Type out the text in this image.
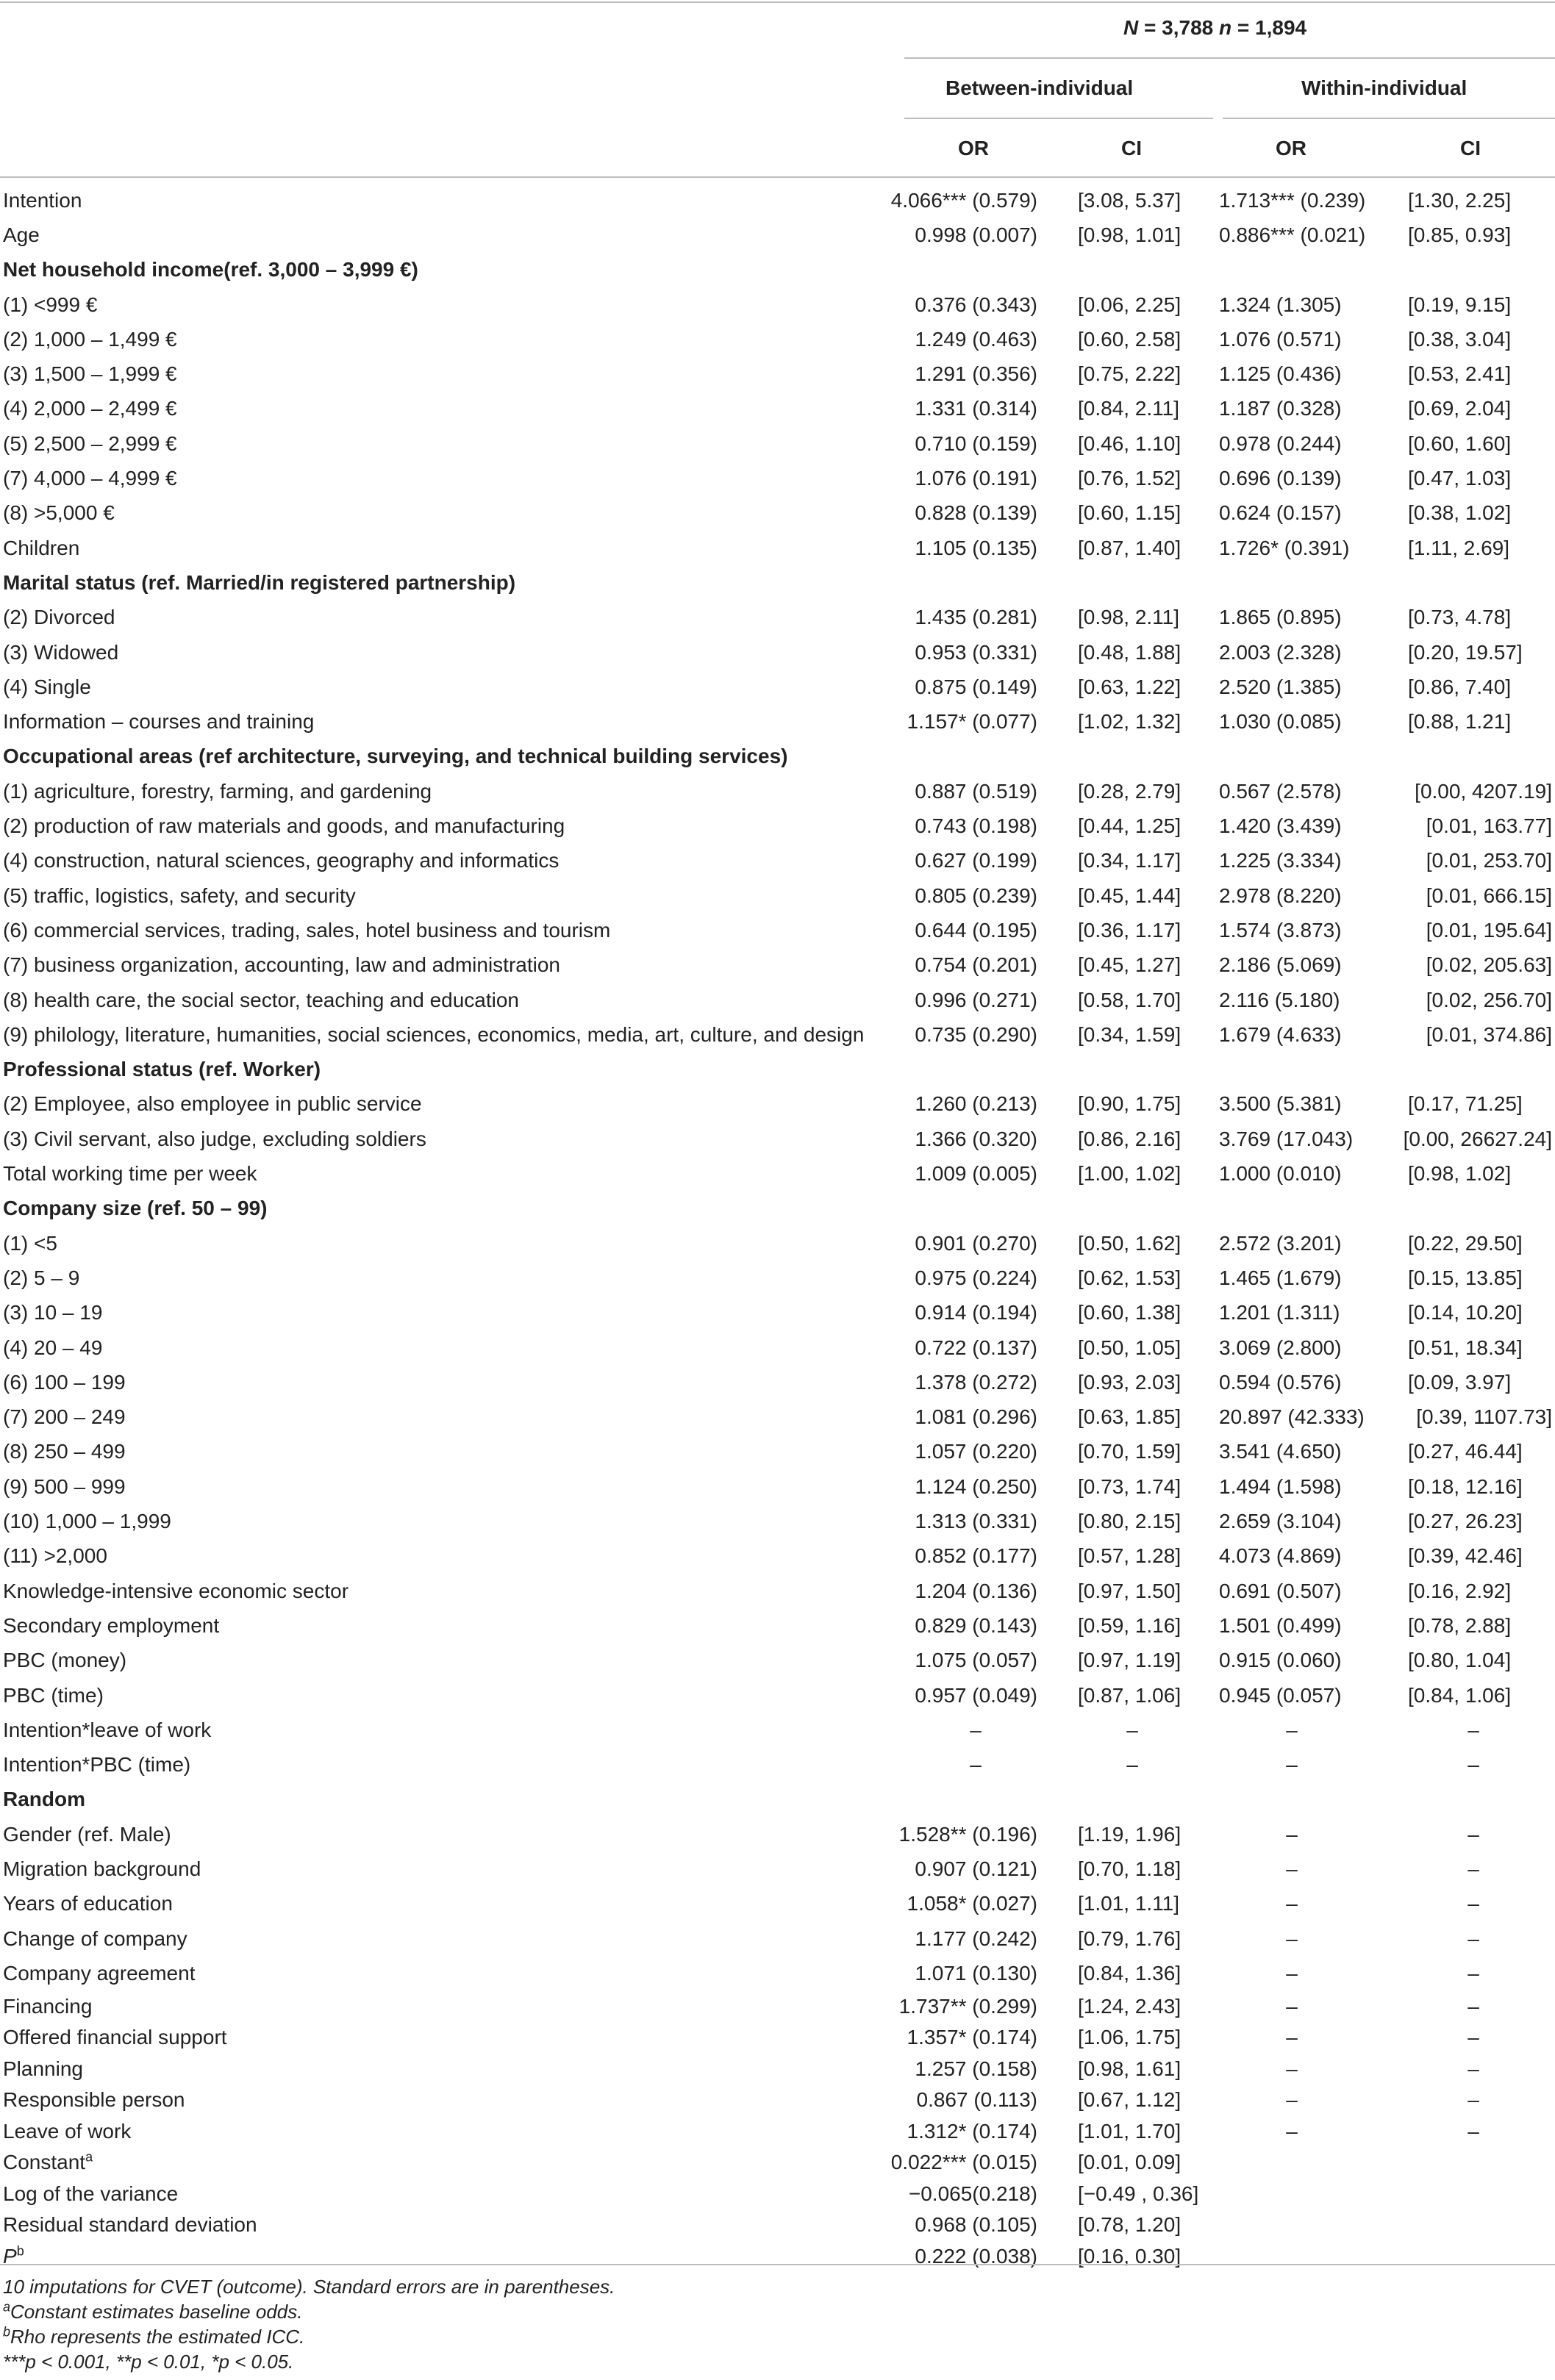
N = 3,788 n = 1,894
Between-individual	Within-individual
OR	CI	OR	CI
Intention	4.066*** (0.579) [3.08, 5.37] 1.713*** (0.239) [1.30, 2.25]
Age	0.998 (0.007) [0.98, 1.01] 0.886*** (0.021) [0.85, 0.93]
Net household income(ref. 3,000 – 3,999 €)
(1) <999 €	0.376 (0.343) [0.06, 2.25] 1.324 (1.305)	[0.19, 9.15]
(2) 1,000 – 1,499 €	1.249 (0.463) [0.60, 2.58] 1.076 (0.571)	[0.38, 3.04]
(3) 1,500 – 1,999 €	1.291 (0.356) [0.75, 2.22] 1.125 (0.436)	[0.53, 2.41]
(4) 2,000 – 2,499 €	1.331 (0.314) [0.84, 2.11] 1.187 (0.328)	[0.69, 2.04]
(5) 2,500 – 2,999 €	0.710 (0.159) [0.46, 1.10] 0.978 (0.244)	[0.60, 1.60]
(7) 4,000 – 4,999 €	1.076 (0.191) [0.76, 1.52] 0.696 (0.139)	[0.47, 1.03]
(8) >5,000 €	0.828 (0.139) [0.60, 1.15] 0.624 (0.157)	[0.38, 1.02]
Children	1.105 (0.135) [0.87, 1.40] 1.726* (0.391)	[1.11, 2.69]
Marital status (ref. Married/in registered partnership)
(2) Divorced	1.435 (0.281) [0.98, 2.11] 1.865 (0.895)	[0.73, 4.78]
(3) Widowed	0.953 (0.331) [0.48, 1.88] 2.003 (2.328)	[0.20, 19.57]
(4) Single	0.875 (0.149) [0.63, 1.22] 2.520 (1.385)	[0.86, 7.40]
Information – courses and training	1.157* (0.077) [1.02, 1.32] 1.030 (0.085)	[0.88, 1.21]
Occupational areas (ref architecture, surveying, and technical building services)
(1) agriculture, forestry, farming, and gardening	0.887 (0.519) [0.28, 2.79] 0.567 (2.578)	[0.00, 4207.19]
(2) production of raw materials and goods, and manufacturing	0.743 (0.198) [0.44, 1.25] 1.420 (3.439)	[0.01, 163.77]
(4) construction, natural sciences, geography and informatics	0.627 (0.199) [0.34, 1.17] 1.225 (3.334)	[0.01, 253.70]
(5) traffic, logistics, safety, and security	0.805 (0.239) [0.45, 1.44] 2.978 (8.220)	[0.01, 666.15]
(6) commercial services, trading, sales, hotel business and tourism	0.644 (0.195) [0.36, 1.17] 1.574 (3.873)	[0.01, 195.64]
(7) business organization, accounting, law and administration	0.754 (0.201) [0.45, 1.27] 2.186 (5.069)	[0.02, 205.63]
(8) health care, the social sector, teaching and education	0.996 (0.271) [0.58, 1.70] 2.116 (5.180)	[0.02, 256.70]
(9) philology, literature, humanities, social sciences, economics, media, art, culture, and design 0.735 (0.290) [0.34, 1.59] 1.679 (4.633)	[0.01, 374.86]
Professional status (ref. Worker)
(2) Employee, also employee in public service	1.260 (0.213) [0.90, 1.75] 3.500 (5.381)	[0.17, 71.25]
(3) Civil servant, also judge, excluding soldiers	1.366 (0.320) [0.86, 2.16] 3.769 (17.043) [0.00, 26627.24]
Total working time per week	1.009 (0.005) [1.00, 1.02] 1.000 (0.010)	[0.98, 1.02]
Company size (ref. 50 – 99)
(1) <5	0.901 (0.270) [0.50, 1.62] 2.572 (3.201)	[0.22, 29.50]
(2) 5 – 9	0.975 (0.224) [0.62, 1.53] 1.465 (1.679)	[0.15, 13.85]
(3) 10 – 19	0.914 (0.194) [0.60, 1.38] 1.201 (1.311)	[0.14, 10.20]
(4) 20 – 49	0.722 (0.137) [0.50, 1.05] 3.069 (2.800)	[0.51, 18.34]
(6) 100 – 199	1.378 (0.272) [0.93, 2.03] 0.594 (0.576)	[0.09, 3.97]
(7) 200 – 249	1.081 (0.296) [0.63, 1.85] 20.897 (42.333)	[0.39, 1107.73]
(8) 250 – 499	1.057 (0.220) [0.70, 1.59] 3.541 (4.650)	[0.27, 46.44]
(9) 500 – 999	1.124 (0.250) [0.73, 1.74] 1.494 (1.598)	[0.18, 12.16]
(10) 1,000 – 1,999	1.313 (0.331) [0.80, 2.15] 2.659 (3.104)	[0.27, 26.23]
(11) >2,000	0.852 (0.177) [0.57, 1.28] 4.073 (4.869)	[0.39, 42.46]
Knowledge-intensive economic sector	1.204 (0.136) [0.97, 1.50] 0.691 (0.507)	[0.16, 2.92]
Secondary employment	0.829 (0.143) [0.59, 1.16] 1.501 (0.499)	[0.78, 2.88]
PBC (money)	1.075 (0.057) [0.97, 1.19] 0.915 (0.060)	[0.80, 1.04]
PBC (time)	0.957 (0.049) [0.87, 1.06] 0.945 (0.057)	[0.84, 1.06]
Intention*leave of work	–	–	–	–
Intention*PBC (time)	–	–	–	–
Random
Gender (ref. Male)	1.528** (0.196) [1.19, 1.96]	–	–
Migration background	0.907 (0.121) [0.70, 1.18]	–	–
Years of education	1.058* (0.027) [1.01, 1.11]	–	–
Change of company	1.177 (0.242) [0.79, 1.76]	–	–
Company agreement	1.071 (0.130) [0.84, 1.36]	–	–
Financing	1.737** (0.299) [1.24, 2.43]	–	–
Offered financial support	1.357* (0.174) [1.06, 1.75]	–	–
Planning	1.257 (0.158) [0.98, 1.61]	–	–
Responsible person	0.867 (0.113) [0.67, 1.12]	–	–
Leave of work	1.312* (0.174) [1.01, 1.70]	–	–
Constant$^a$	0.022*** (0.015) [0.01, 0.09]
Log of the variance	−0.065(0.218) [−0.49 , 0.36]
Residual standard deviation	0.968 (0.105) [0.78, 1.20]
$P^b$	0.222 (0.038) [0.16, 0.30]
10 imputations for CVET (outcome). Standard errors are in parentheses.
$^a$Constant estimates baseline odds.
$^b$Rho represents the estimated ICC.
***p < 0.001, **p < 0.01, *p < 0.05.
